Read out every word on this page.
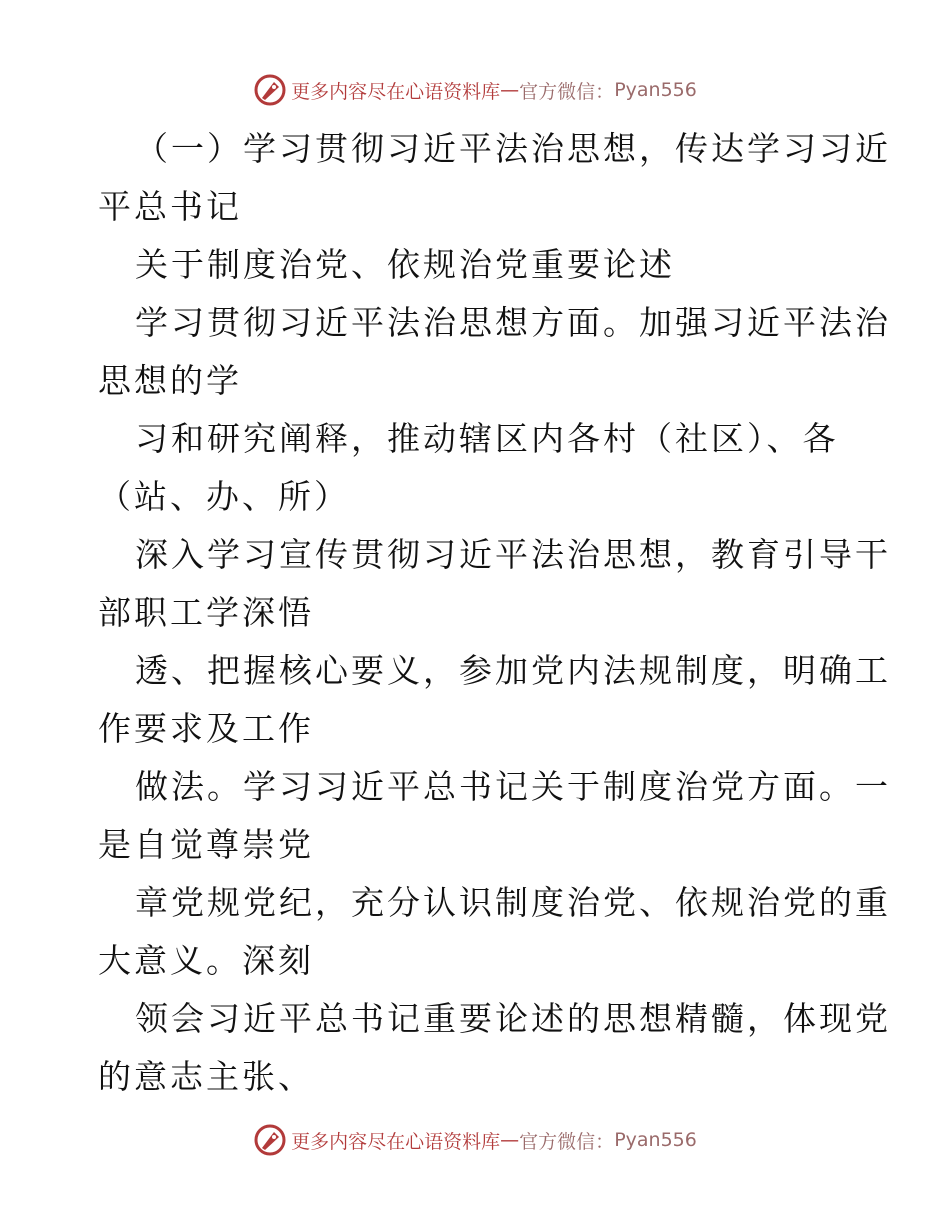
更多内容尽在心语资料库 — 官方微信： Pyan556
（一）学习贯彻习近平法治思想，传达学习习近
平总书记
关于制度治党、依规治党重要论述
学习贯彻习近平法治思想方面。加强习近平法治
思想的学
习和研究阐释，推动辖区内各村（社区）、各
（站、办、所）
深入学习宣传贯彻习近平法治思想，教育引导干
部职工学深悟
透、把握核心要义，参加党内法规制度，明确工
作要求及工作
做法。学习习近平总书记关于制度治党方面。一
是自觉尊崇党
章党规党纪，充分认识制度治党、依规治党的重
大意义。深刻
领会习近平总书记重要论述的思想精髓，体现党
的意志主张、
更多内容尽在心语资料库 — 官方微信： Pyan556
